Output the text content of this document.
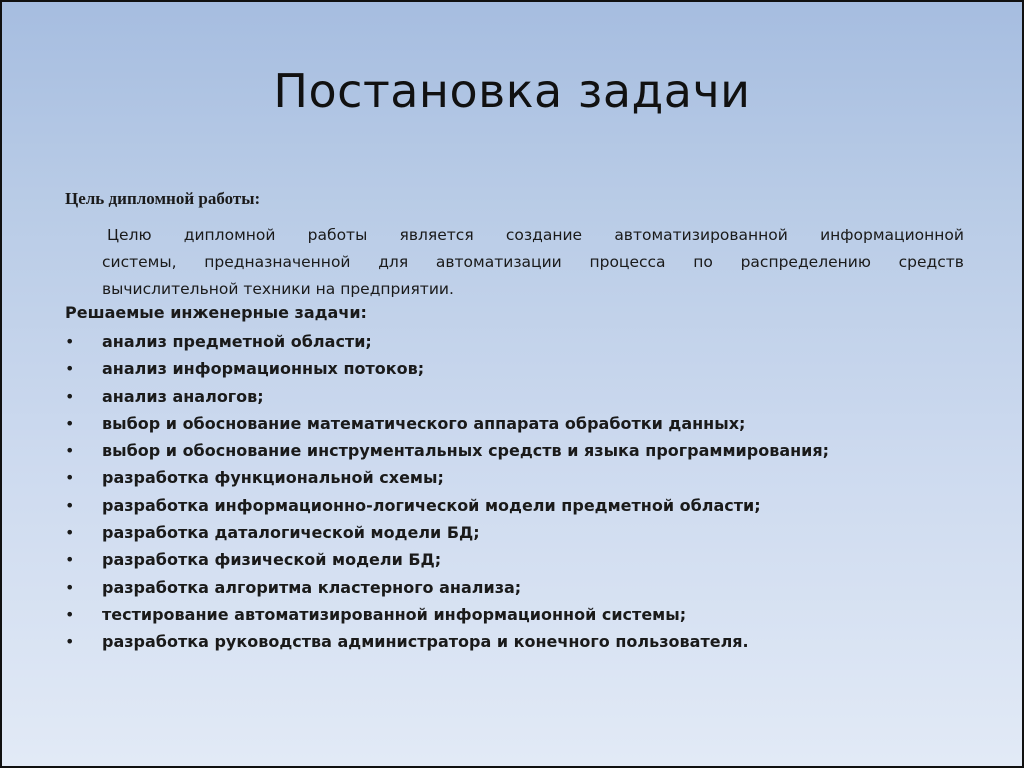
Постановка задачи
Цель дипломной работы:
Целю дипломной работы является создание автоматизированной информационной
системы, предназначенной для автоматизации процесса по распределению средств
вычислительной техники на предприятии.
Решаемые инженерные задачи:
• анализ предметной области;
• анализ информационных потоков;
• анализ аналогов;
• выбор и обоснование математического аппарата обработки данных;
• выбор и обоснование инструментальных средств и языка программирования;
• разработка функциональной схемы;
• разработка информационно-логической модели предметной области;
• разработка даталогической модели БД;
• разработка физической модели БД;
• разработка алгоритма кластерного анализа;
• тестирование автоматизированной информационной системы;
• разработка руководства администратора и конечного пользователя.
